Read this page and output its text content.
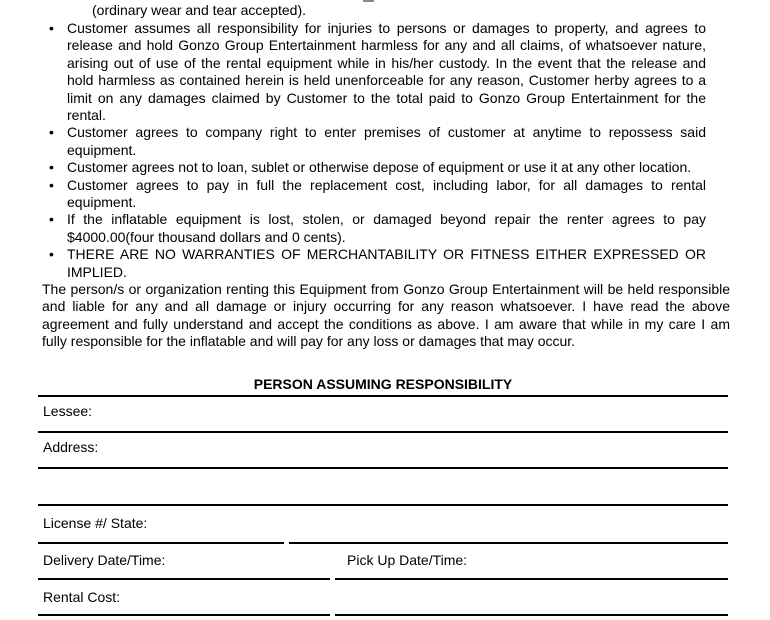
(ordinary wear and tear accepted).
• Customer assumes all responsibility for injuries to persons or damages to property, and agrees to release and hold Gonzo Group Entertainment harmless for any and all claims, of whatsoever nature, arising out of use of the rental equipment while in his/her custody. In the event that the release and hold harmless as contained herein is held unenforceable for any reason, Customer herby agrees to a limit on any damages claimed by Customer to the total paid to Gonzo Group Entertainment for the rental.
• Customer agrees to company right to enter premises of customer at anytime to repossess said equipment.
• Customer agrees not to loan, sublet or otherwise depose of equipment or use it at any other location.
• Customer agrees to pay in full the replacement cost, including labor, for all damages to rental equipment.
• If the inflatable equipment is lost, stolen, or damaged beyond repair the renter agrees to pay $4000.00(four thousand dollars and 0 cents).
• THERE ARE NO WARRANTIES OF MERCHANTABILITY OR FITNESS EITHER EXPRESSED OR IMPLIED.
The person/s or organization renting this Equipment from Gonzo Group Entertainment will be held responsible and liable for any and all damage or injury occurring for any reason whatsoever. I have read the above agreement and fully understand and accept the conditions as above. I am aware that while in my care I am fully responsible for the inflatable and will pay for any loss or damages that may occur.
PERSON ASSUMING RESPONSIBILITY
Lessee:
Address:
License #/ State:
Delivery Date/Time:	Pick Up Date/Time:
Rental Cost:
